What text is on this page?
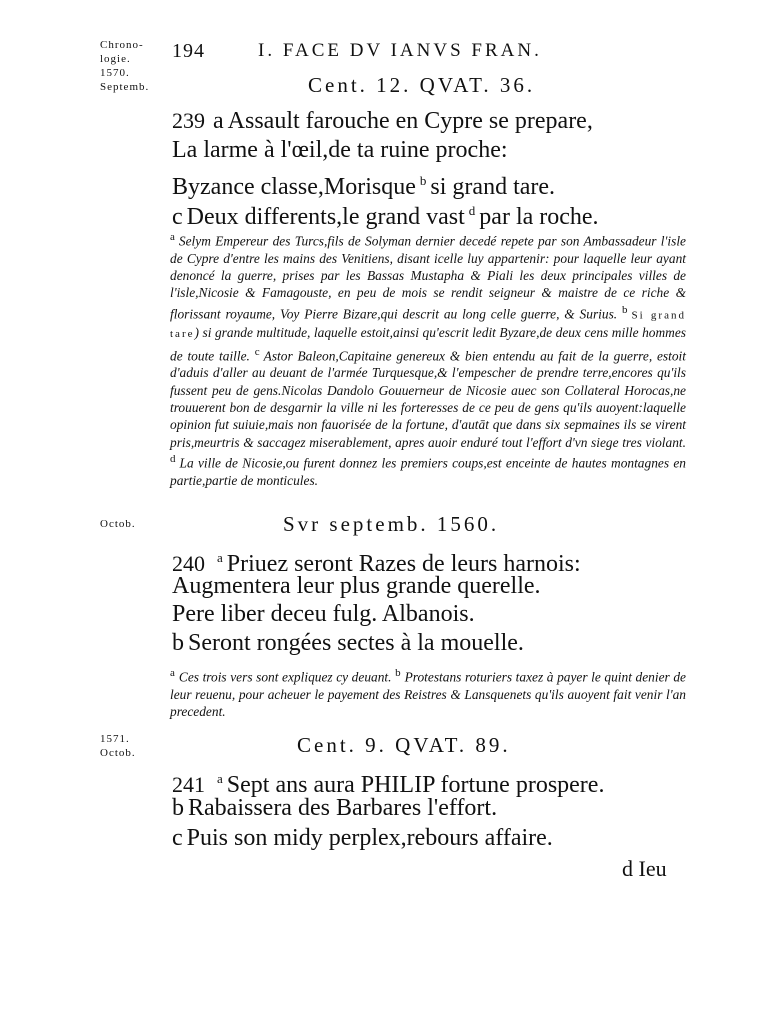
Chrono-
logie.
1570.
Septemb.
194	I. FACE DV IANVS FRAN.
Cent. 12. QVAT. 36.
239 a Assault farouche en Cypre se prepare,
La larme à l'œil,de ta ruine proche:
Byzance classe,Morisque $^b$ si grand tare.
c Deux differents,le grand vast $^d$ par la roche.
$^a$ Selym Empereur des Turcs,fils de Solyman dernier decedé repete par son Ambassadeur l'isle de Cypre d'entre les mains des Venitiens, disant icelle luy appartenir: pour laquelle leur ayant denoncé la guerre, prises par les Bassas Mustapha & Piali les deux principales villes de l'isle,Nicosie & Famagouste, en peu de mois se rendit seigneur & maistre de ce riche & florissant royaume, Voy Pierre Bizare,qui descrit au long celle guerre, & Surius. $^b$ Si grand tare) si grande multitude, laquelle estoit,ainsi qu'escrit ledit Byzare,de deux cens mille hommes de toute taille. $^c$ Astor Baleon,Capitaine genereux & bien entendu au fait de la guerre, estoit d'aduis d'aller au deuant de l'armée Turquesque,& l'empescher de prendre terre,encores qu'ils fussent peu de gens.Nicolas Dandolo Gouuerneur de Nicosie auec son Collateral Horocas,ne trouuerent bon de desgarnir la ville ni les forteresses de ce peu de gens qu'ils auoyent:laquelle opinion fut suiuie,mais non fauorisée de la fortune, d'autāt que dans six sepmaines ils se virent pris,meurtris & saccagez miserablement, apres auoir enduré tout l'effort d'vn siege tres violant. $^d$ La ville de Nicosie,ou furent donnez les premiers coups,est enceinte de hautes montagnes en partie,partie de monticules.
Octob.	Svr septemb. 1560.
240 $^a$ Priuez seront Razes de leurs harnois:
Augmentera leur plus grande querelle.
Pere liber deceu fulg. Albanois.
b Seront rongées sectes à la mouelle.
$^a$ Ces trois vers sont expliquez cy deuant. $^b$ Protestans roturiers taxez à payer le quint denier de leur reuenu, pour acheuer le payement des Reistres & Lansquenets qu'ils auoyent fait venir l'an precedent.
1571.
Octob.	Cent. 9. QVAT. 89.
241 $^a$ Sept ans aura PHILIP fortune prospere.
b Rabaissera des Barbares l'effort.
c Puis son midy perplex,rebours affaire.
d Ieu
